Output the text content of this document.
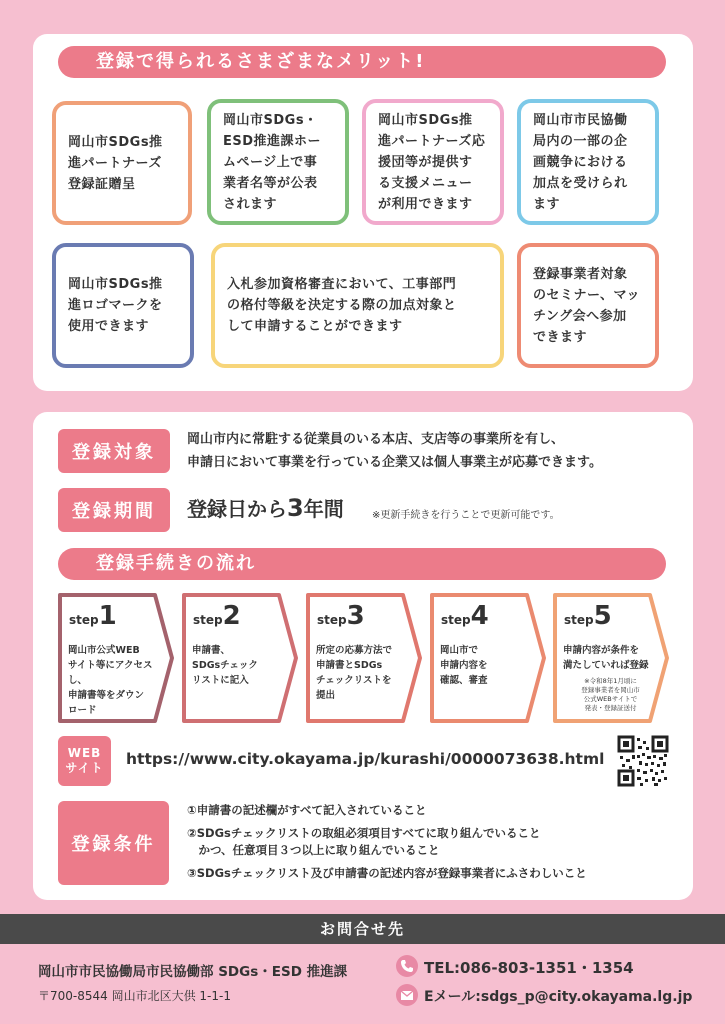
登録で得られるさまざまなメリット!
岡山市SDGs推
進パートナーズ
登録証贈呈
岡山市SDGs・
ESD推進課ホー
ムページ上で事
業者名等が公表
されます
岡山市SDGs推
進パートナーズ応
援団等が提供す
る支援メニュー
が利用できます
岡山市市民協働
局内の一部の企
画競争における
加点を受けられ
ます
岡山市SDGs推
進ロゴマークを
使用できます
入札参加資格審査において、工事部門
の格付等級を決定する際の加点対象と
して申請することができます
登録事業者対象
のセミナー、マッ
チング会へ参加
できます
登録対象
岡山市内に常駐する従業員のいる本店、支店等の事業所を有し、
申請日において事業を行っている企業又は個人事業主が応募できます。
登録期間	登録日から3年間	※更新手続きを行うことで更新可能です。
登録手続きの流れ
step1
岡山市公式WEB
サイト等にアクセスし、
申請書等をダウン
ロード
step2
申請書、
SDGsチェック
リストに記入
step3
所定の応募方法で
申請書とSDGs
チェックリストを
提出
step4
岡山市で
申請内容を
確認、審査
step5
申請内容が条件を
満たしていれば登録
※令和8年1月頃に
登録事業者を岡山市
公式WEBサイトで
発表・登録証送付
WEB
サイト https://www.city.okayama.jp/kurashi/0000073638.html
登録条件
①申請書の記述欄がすべて記入されていること
②SDGsチェックリストの取組必須項目すべてに取り組んでいること
　かつ、任意項目３つ以上に取り組んでいること
③SDGsチェックリスト及び申請書の記述内容が登録事業者にふさわしいこと
お問合せ先
岡山市市民協働局市民協働部 SDGs・ESD 推進課
〒700-8544 岡山市北区大供 1-1-1
TEL:086-803-1351・1354
Eメール:sdgs_p@city.okayama.lg.jp
